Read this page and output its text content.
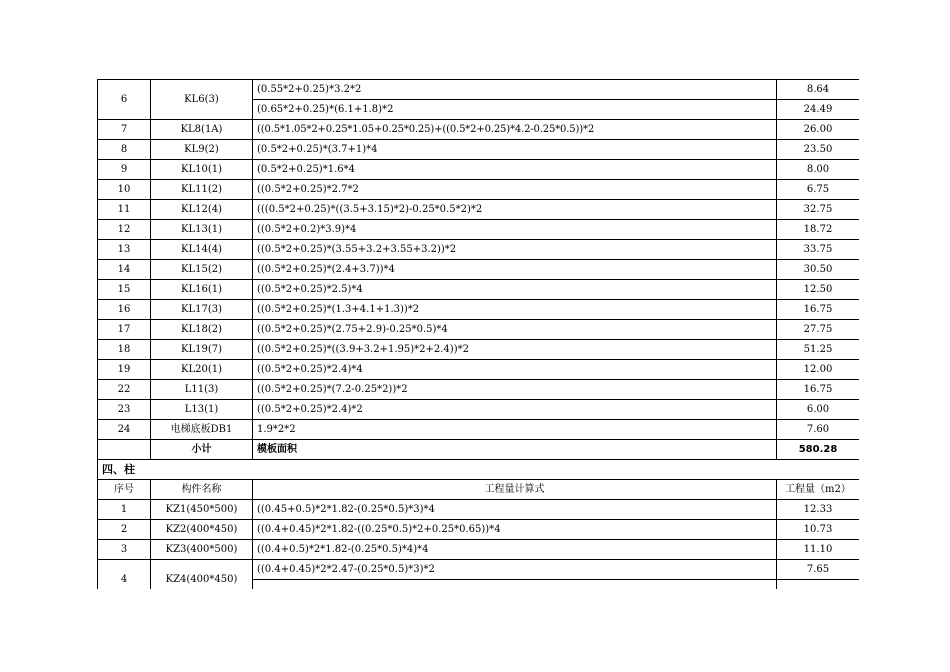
6	KL6(3)	(0.55*2+0.25)*3.2*2	8.64
		(0.65*2+0.25)*(6.1+1.8)*2	24.49
7	KL8(1A)	((0.5*1.05*2+0.25*1.05+0.25*0.25)+((0.5*2+0.25)*4.2-0.25*0.5))*2	26.00
8	KL9(2)	(0.5*2+0.25)*(3.7+1)*4	23.50
9	KL10(1)	(0.5*2+0.25)*1.6*4	8.00
10	KL11(2)	((0.5*2+0.25)*2.7*2	6.75
11	KL12(4)	(((0.5*2+0.25)*((3.5+3.15)*2)-0.25*0.5*2)*2	32.75
12	KL13(1)	((0.5*2+0.2)*3.9)*4	18.72
13	KL14(4)	((0.5*2+0.25)*(3.55+3.2+3.55+3.2))*2	33.75
14	KL15(2)	((0.5*2+0.25)*(2.4+3.7))*4	30.50
15	KL16(1)	((0.5*2+0.25)*2.5)*4	12.50
16	KL17(3)	((0.5*2+0.25)*(1.3+4.1+1.3))*2	16.75
17	KL18(2)	((0.5*2+0.25)*(2.75+2.9)-0.25*0.5)*4	27.75
18	KL19(7)	((0.5*2+0.25)*((3.9+3.2+1.95)*2+2.4))*2	51.25
19	KL20(1)	((0.5*2+0.25)*2.4)*4	12.00
22	L11(3)	((0.5*2+0.25)*(7.2-0.25*2))*2	16.75
23	L13(1)	((0.5*2+0.25)*2.4)*2	6.00
24	电梯底板DB1	1.9*2*2	7.60
	小计	模板面积	580.28
四、柱			
序号	构件名称	工程量计算式	工程量（m2）
1	KZ1(450*500)	((0.45+0.5)*2*1.82-(0.25*0.5)*3)*4	12.33
2	KZ2(400*450)	((0.4+0.45)*2*1.82-((0.25*0.5)*2+0.25*0.65))*4	10.73
3	KZ3(400*500)	((0.4+0.5)*2*1.82-(0.25*0.5)*4)*4	11.10
4	KZ4(400*450)	((0.4+0.45)*2*2.47-(0.25*0.5)*3)*2	7.65
